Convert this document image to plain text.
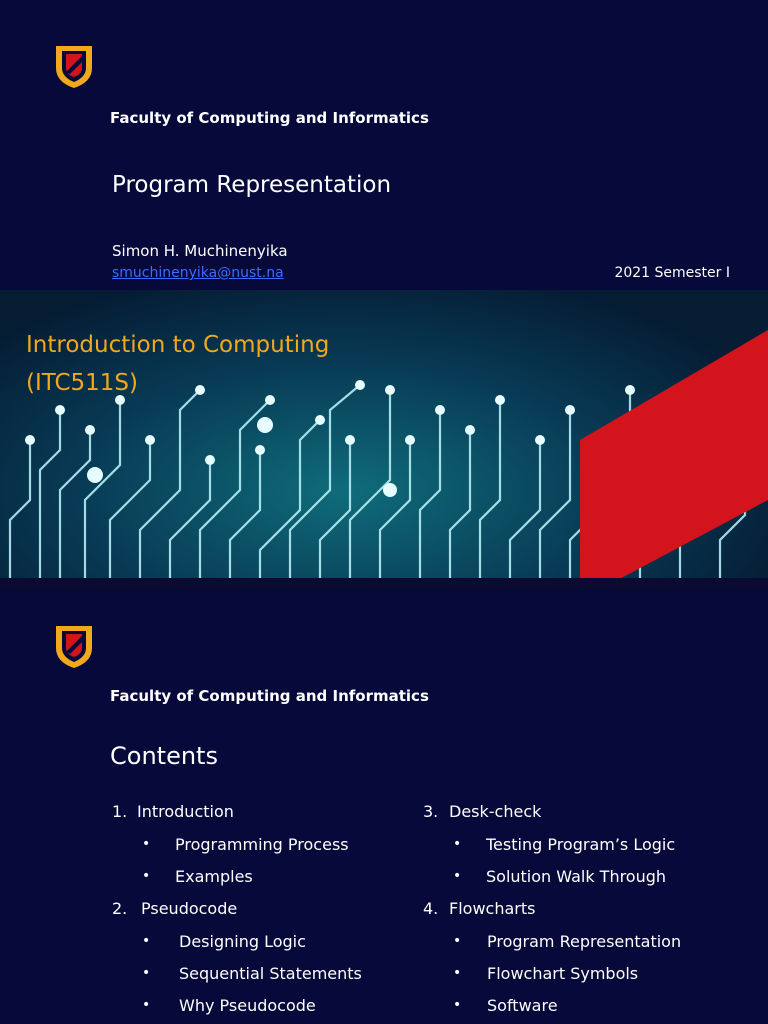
Faculty of Computing and Informatics
Program Representation
Simon H. Muchinenyika
smuchinenyika@nust.na	2021 Semester I
Introduction to Computing
(ITC511S)
Faculty of Computing and Informatics
Contents
1. Introduction
• Programming Process
• Examples
2. Pseudocode
• Designing Logic
• Sequential Statements
• Why Pseudocode
3. Desk-check
• Testing Program’s Logic
• Solution Walk Through
4. Flowcharts
• Program Representation
• Flowchart Symbols
• Software
